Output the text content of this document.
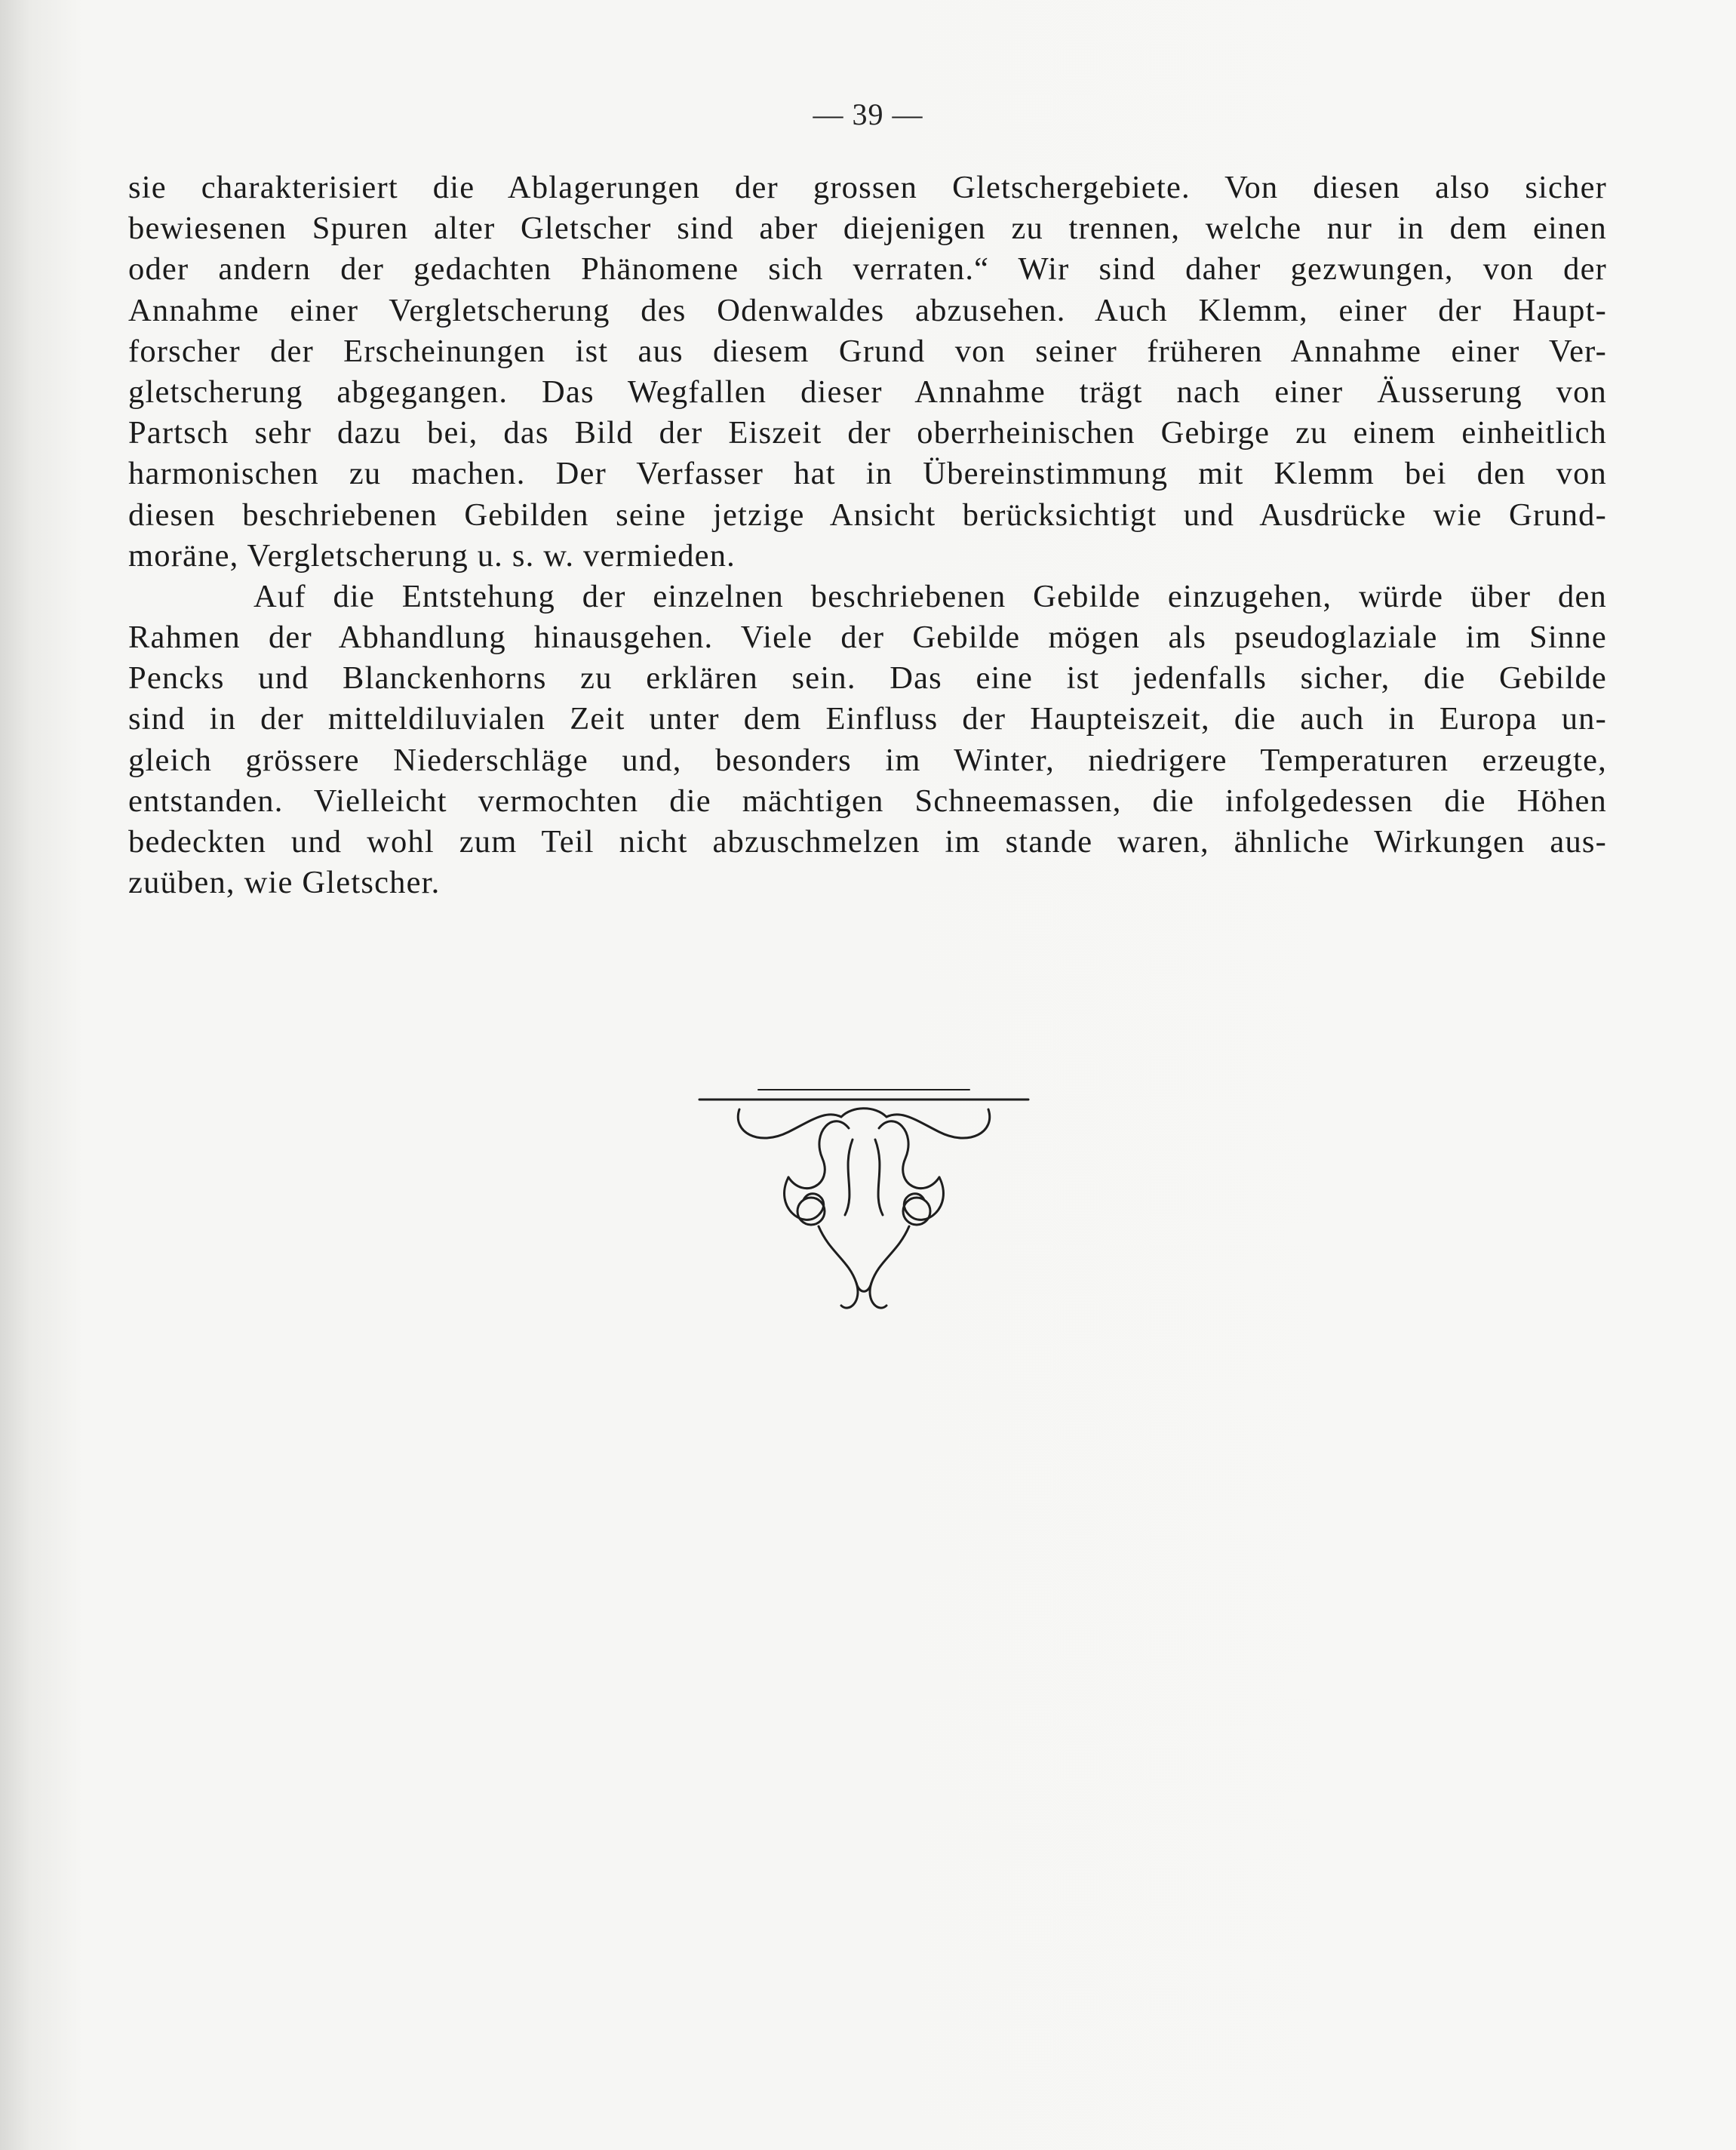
— 39 —
sie charakterisiert die Ablagerungen der grossen Gletschergebiete. Von diesen also sicher
bewiesenen Spuren alter Gletscher sind aber diejenigen zu trennen, welche nur in dem einen
oder andern der gedachten Phänomene sich verraten.“ Wir sind daher gezwungen, von der
Annahme einer Vergletscherung des Odenwaldes abzusehen. Auch Klemm, einer der Haupt-
forscher der Erscheinungen ist aus diesem Grund von seiner früheren Annahme einer Ver-
gletscherung abgegangen. Das Wegfallen dieser Annahme trägt nach einer Äusserung von
Partsch sehr dazu bei, das Bild der Eiszeit der oberrheinischen Gebirge zu einem einheitlich
harmonischen zu machen. Der Verfasser hat in Übereinstimmung mit Klemm bei den von
diesen beschriebenen Gebilden seine jetzige Ansicht berücksichtigt und Ausdrücke wie Grund-
moräne, Vergletscherung u. s. w. vermieden.
Auf die Entstehung der einzelnen beschriebenen Gebilde einzugehen, würde über den
Rahmen der Abhandlung hinausgehen. Viele der Gebilde mögen als pseudoglaziale im Sinne
Pencks und Blanckenhorns zu erklären sein. Das eine ist jedenfalls sicher, die Gebilde
sind in der mitteldiluvialen Zeit unter dem Einfluss der Haupteiszeit, die auch in Europa un-
gleich grössere Niederschläge und, besonders im Winter, niedrigere Temperaturen erzeugte,
entstanden. Vielleicht vermochten die mächtigen Schneemassen, die infolgedessen die Höhen
bedeckten und wohl zum Teil nicht abzuschmelzen im stande waren, ähnliche Wirkungen aus-
zuüben, wie Gletscher.
